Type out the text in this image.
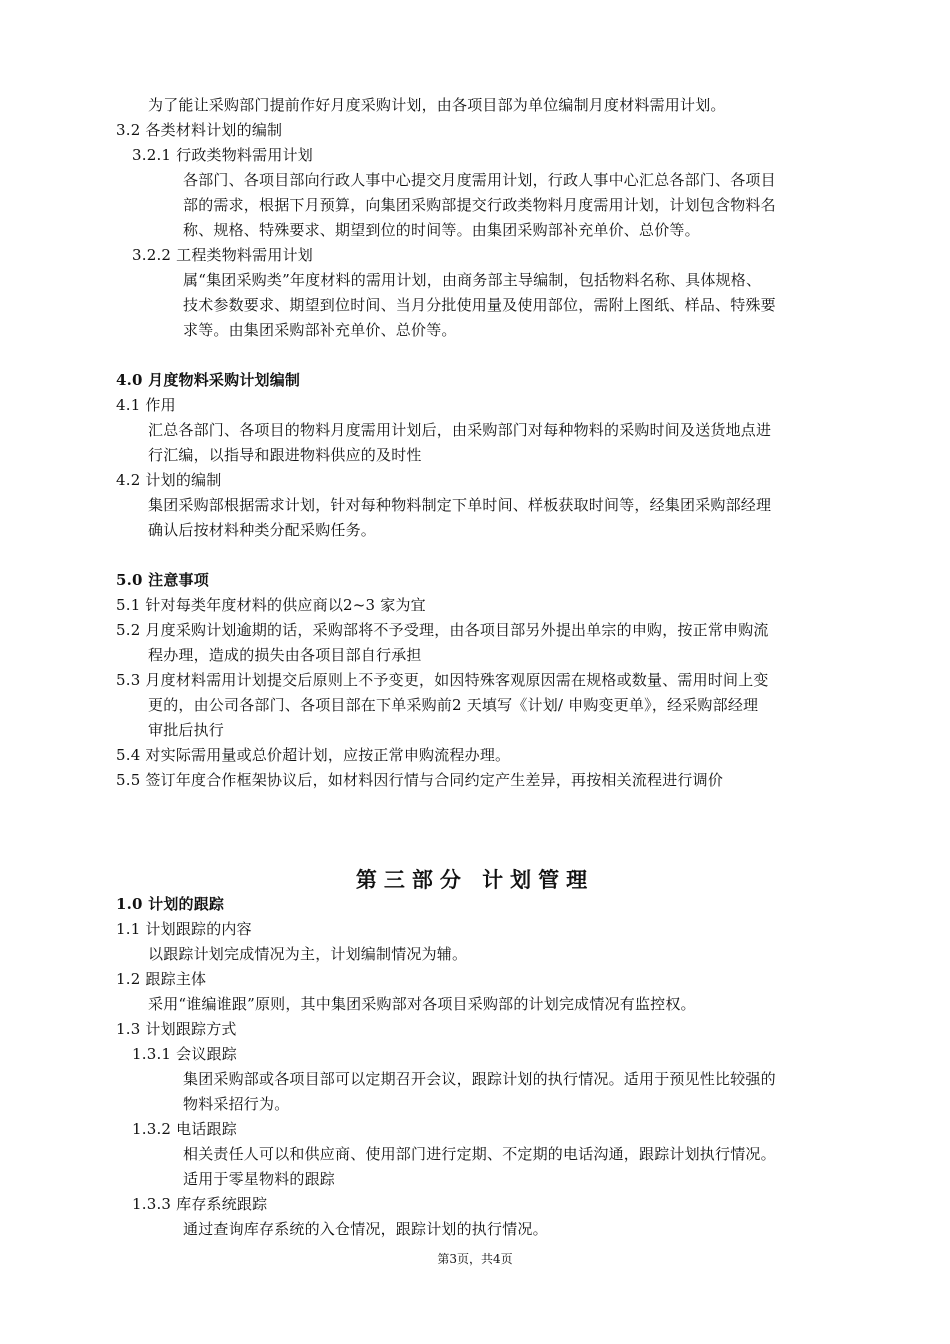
为了能让采购部门提前作好月度采购计划，由各项目部为单位编制月度材料需用计划。
3.2 各类材料计划的编制
3.2.1 行政类物料需用计划
各部门、各项目部向行政人事中心提交月度需用计划，行政人事中心汇总各部门、各项目
部的需求，根据下月预算，向集团采购部提交行政类物料月度需用计划，计划包含物料名
称、规格、特殊要求、期望到位的时间等。由集团采购部补充单价、总价等。
3.2.2 工程类物料需用计划
属“集团采购类”年度材料的需用计划，由商务部主导编制，包括物料名称、具体规格、
技术参数要求、期望到位时间、当月分批使用量及使用部位，需附上图纸、样品、特殊要
求等。由集团采购部补充单价、总价等。
4.0 月度物料采购计划编制
4.1 作用
汇总各部门、各项目的物料月度需用计划后，由采购部门对每种物料的采购时间及送货地点进
行汇编，以指导和跟进物料供应的及时性
4.2 计划的编制
集团采购部根据需求计划，针对每种物料制定下单时间、样板获取时间等，经集团采购部经理
确认后按材料种类分配采购任务。
5.0 注意事项
5.1 针对每类年度材料的供应商以2~3 家为宜
5.2 月度采购计划逾期的话，采购部将不予受理，由各项目部另外提出单宗的申购，按正常申购流
程办理，造成的损失由各项目部自行承担
5.3 月度材料需用计划提交后原则上不予变更，如因特殊客观原因需在规格或数量、需用时间上变
更的，由公司各部门、各项目部在下单采购前2 天填写《计划/ 申购变更单》，经采购部经理
审批后执行
5.4 对实际需用量或总价超计划，应按正常申购流程办理。
5.5 签订年度合作框架协议后，如材料因行情与合同约定产生差异，再按相关流程进行调价
第三部分 计划管理
1.0 计划的跟踪
1.1 计划跟踪的内容
以跟踪计划完成情况为主，计划编制情况为辅。
1.2 跟踪主体
采用“谁编谁跟”原则，其中集团采购部对各项目采购部的计划完成情况有监控权。
1.3 计划跟踪方式
1.3.1 会议跟踪
集团采购部或各项目部可以定期召开会议，跟踪计划的执行情况。适用于预见性比较强的
物料采招行为。
1.3.2 电话跟踪
相关责任人可以和供应商、使用部门进行定期、不定期的电话沟通，跟踪计划执行情况。
适用于零星物料的跟踪
1.3.3 库存系统跟踪
通过查询库存系统的入仓情况，跟踪计划的执行情况。
第3页，共4页
